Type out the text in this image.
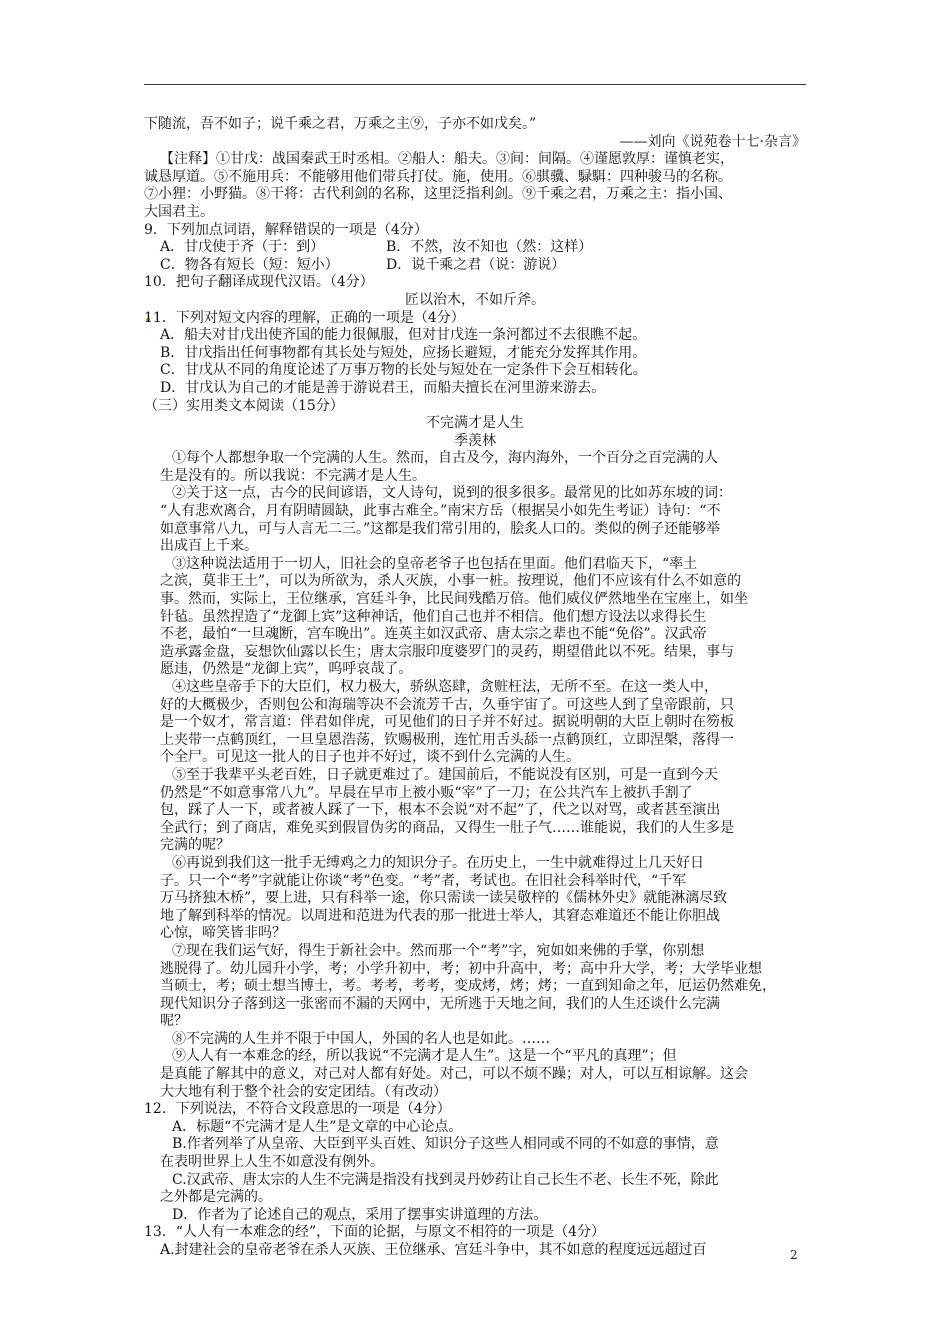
下随流，吾不如子；说千乘之君，万乘之主⑨，子亦不如戊矣。”
——刘向《说苑卷十七·杂言》
【注释】①甘戊：战国秦武王时丞相。②船人：船夫。③间：间隔。④谨愿敦厚：谨慎老实，
诚恳厚道。⑤不施用兵：不能够用他们带兵打仗。施，使用。⑥骐骥、騄駬：四种骏马的名称。
⑦小狸：小野猫。⑧干将：古代利剑的名称，这里泛指利剑。⑨千乘之君，万乘之主：指小国、
大国君主。
9．下列加点词语，解释错误的一项是（4分）
A．甘戊使于齐（于：到）	B．不然，汝不知也（然：这样）
C．物各有短长（短：短小）	D．说千乘之君（说：游说）
10．把句子翻译成现代汉语。（4分）
匠以治木，不如斤斧。
11．下列对短文内容的理解，正确的一项是（4分）
A．船夫对甘戊出使齐国的能力很佩服，但对甘戊连一条河都过不去很瞧不起。
B．甘戊指出任何事物都有其长处与短处，应扬长避短，才能充分发挥其作用。
C．甘戊从不同的角度论述了万事万物的长处与短处在一定条件下会互相转化。
D．甘戊认为自己的才能是善于游说君王，而船夫擅长在河里游来游去。
（三）实用类文本阅读（15分）
不完满才是人生
季羡林
①每个人都想争取一个完满的人生。然而，自古及今，海内海外，一个百分之百完满的人
生是没有的。所以我说：不完满才是人生。
②关于这一点，古今的民间谚语，文人诗句，说到的很多很多。最常见的比如苏东坡的词：
“人有悲欢离合，月有阴晴圆缺，此事古难全。”南宋方岳（根据吴小如先生考证）诗句：“不
如意事常八九，可与人言无二三。”这都是我们常引用的，脍炙人口的。类似的例子还能够举
出成百上千来。
③这种说法适用于一切人，旧社会的皇帝老爷子也包括在里面。他们君临天下，“率土
之滨，莫非王土”，可以为所欲为，杀人灭族，小事一桩。按理说，他们不应该有什么不如意的
事。然而，实际上，王位继承，宫廷斗争，比民间残酷万倍。他们威仪俨然地坐在宝座上，如坐
针毡。虽然捏造了“龙御上宾”这种神话，他们自己也并不相信。他们想方设法以求得长生
不老，最怕“一旦魂断，宫车晚出”。连英主如汉武帝、唐太宗之辈也不能“免俗”。汉武帝
造承露金盘，妄想饮仙露以长生；唐太宗服印度婆罗门的灵药，期望借此以不死。结果，事与
愿违，仍然是“龙御上宾”，呜呼哀哉了。
④这些皇帝手下的大臣们，权力极大，骄纵恣肆，贪赃枉法，无所不至。在这一类人中，
好的大概极少，否则包公和海瑞等决不会流芳千古，久垂宇宙了。可这些人到了皇帝跟前，只
是一个奴才，常言道：伴君如伴虎，可见他们的日子并不好过。据说明朝的大臣上朝时在笏板
上夹带一点鹤顶红，一旦皇恩浩荡，钦赐极刑，连忙用舌头舔一点鹤顶红，立即涅槃，落得一
个全尸。可见这一批人的日子也并不好过，谈不到什么完满的人生。
⑤至于我辈平头老百姓，日子就更难过了。建国前后，不能说没有区别，可是一直到今天
仍然是“不如意事常八九”。早晨在早市上被小贩“宰”了一刀；在公共汽车上被扒手割了
包，踩了人一下，或者被人踩了一下，根本不会说“对不起”了，代之以对骂，或者甚至演出
全武行；到了商店，难免买到假冒伪劣的商品，又得生一肚子气……谁能说，我们的人生多是
完满的呢？
⑥再说到我们这一批手无缚鸡之力的知识分子。在历史上，一生中就难得过上几天好日
子。只一个“考”字就能让你谈“考”色变。“考”者，考试也。在旧社会科举时代，“千军
万马挤独木桥”，要上进，只有科举一途，你只需读一读吴敬梓的《儒林外史》就能淋漓尽致
地了解到科举的情况。以周进和范进为代表的那一批进士举人，其窘态难道还不能让你胆战
心惊，啼笑皆非吗？
⑦现在我们运气好，得生于新社会中。然而那一个“考”字，宛如如来佛的手掌，你别想
逃脱得了。幼儿园升小学，考；小学升初中，考；初中升高中，考；高中升大学，考；大学毕业想
当硕士，考；硕士想当博士，考。考考，考考，变成烤，烤；烤；一直到知命之年，厄运仍然难免，
现代知识分子落到这一张密而不漏的天网中，无所逃于天地之间，我们的人生还谈什么完满
呢？
⑧不完满的人生并不限于中国人，外国的名人也是如此。……
⑨人人有一本难念的经，所以我说“不完满才是人生”。这是一个“平凡的真理”；但
是真能了解其中的意义，对己对人都有好处。对己，可以不烦不躁；对人，可以互相谅解。这会
大大地有利于整个社会的安定团结。（有改动）
12．下列说法，不符合文段意思的一项是（4分）
A．标题“不完满才是人生”是文章的中心论点。
B.作者列举了从皇帝、大臣到平头百姓、知识分子这些人相同或不同的不如意的事情，意
在表明世界上人生不如意没有例外。
C.汉武帝、唐太宗的人生不完满是指没有找到灵丹妙药让自己长生不老、长生不死，除此
之外都是完满的。
D．作者为了论述自己的观点，采用了摆事实讲道理的方法。
13．“人人有一本难念的经”，下面的论据，与原文不相符的一项是（4分）
A.封建社会的皇帝老爷在杀人灭族、王位继承、宫廷斗争中，其不如意的程度远远超过百	2
